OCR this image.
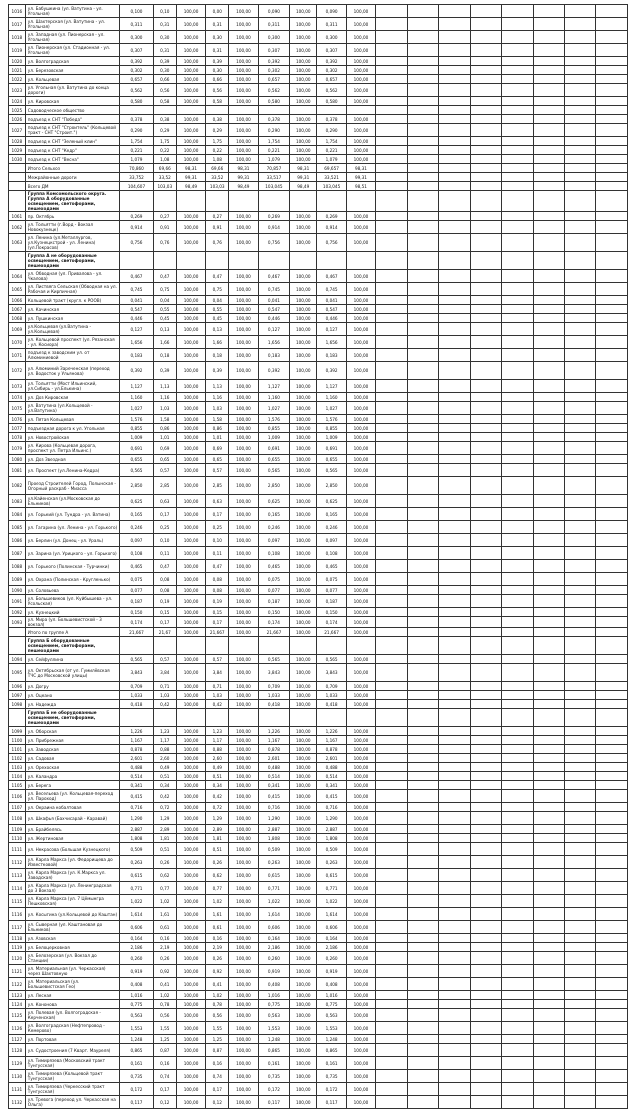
1016	ул. Бабушкина (ул. Ватутина - ул. Угольная)	0,100	0,10	100,00	0,00	100,00	0,090	100,00	0,090	100,00								
1017	ул. Шахтерская (ул. Ватутина - ул. Угольная)	0,311	0,31	100,00	0,31	100,00	0,311	100,00	0,311	100,00								
1018	ул. Западная (ул. Пионерская - ул. Угольная)	0,300	0,30	100,00	0,30	100,00	0,300	100,00	0,300	100,00								
1019	ул. Пионерская (ул. Стадионная - ул. Угольная)	0,307	0,31	100,00	0,31	100,00	0,307	100,00	0,307	100,00								
1020	ул. Волгоградская	0,392	0,39	100,00	0,39	100,00	0,392	100,00	0,392	100,00								
1021	ул. Березовская	0,302	0,30	100,00	0,30	100,00	0,302	100,00	0,302	100,00								
1022	ул. Кольцевая	0,657	0,66	100,00	0,66	100,00	0,657	100,00	0,657	100,00								
1023	ул. Угольная (ул. Ватутина до конца дороги)	0,562	0,56	100,00	0,56	100,00	0,562	100,00	0,562	100,00								
1024	ул. Кировская	0,580	0,58	100,00	0,58	100,00	0,580	100,00	0,580	100,00								
1025	Садоводческое общество																	
1026	подъезд к СНТ "Победа"	0,378	0,38	100,00	0,38	100,00	0,378	100,00	0,378	100,00								
1027	подъезд к СНТ "Строитель" (Кольцевой тракт - СНТ "Строит.")	0,290	0,29	100,00	0,29	100,00	0,290	100,00	0,290	100,00								
1028	подъезд к СНТ "Зеленый клин"	1,754	1,75	100,00	1,75	100,00	1,754	100,00	1,754	100,00								
1029	подъезд к СНТ "Кедр"	0,221	0,22	100,00	0,22	100,00	0,221	100,00	0,221	100,00								
1030	подъезд к СНТ "Весна"	1,079	1,08	100,00	1,08	100,00	1,079	100,00	1,079	100,00								
	Итого Сельхоз	70,860	69,66	98,31	69,66	98,31	70,857	98,31	69,657	98,31								
	Межрайонные дороги	33,752	33,52	99,31	33,52	99,31	33,517	99,31	33,521	99,31								
	Всего ДМ	104,607	103,03	98,49	103,03	98,49	103,045	98,49	103,045	98,51								
	Группа Комсомольского округа. Группа А оборудованные освещением, светофорами, пешеходами																	
1061	пр. Октябрь	0,269	0,27	100,00	0,27	100,00	0,269	100,00	0,269	100,00								
1062	ул. Тольятти (г.Ворд - Вокзал Новокузнецк)	0,914	0,91	100,00	0,91	100,00	0,914	100,00	0,914	100,00								
1063	ул. Ленина (ул.Металлургов, ул.Кузнецкстрой - ул. Ленина) (ул.Покрасов)	0,756	0,76	100,00	0,76	100,00	0,756	100,00	0,756	100,00								
	Группа А не оборудованные освещением, светофорами, пешеходами																	
1064	ул. Обводная (ул. Привалова - ул. Чкалова)	0,467	0,47	100,00	0,47	100,00	0,467	100,00	0,467	100,00								
1065	ул. Листвяга Сельская (Обводная на ул. Рабочая и Кирпичная)	0,745	0,75	100,00	0,75	100,00	0,745	100,00	0,745	100,00								
1066	Кольцевой тракт (кругл. к РООВ)	0,041	0,04	100,00	0,04	100,00	0,041	100,00	0,041	100,00								
1067	ул. Качинская	0,547	0,55	100,00	0,55	100,00	0,547	100,00	0,547	100,00								
1068	ул. Пушкинская	0,446	0,45	100,00	0,45	100,00	0,446	100,00	0,446	100,00								
1069	ул.Кольцевая (ул.Ватутина - ул.Кольцевая)	0,127	0,13	100,00	0,13	100,00	0,127	100,00	0,127	100,00								
1070	ул. Кольцевой проспект (ул. Рязанская - ул. Косиора)	1,656	1,66	100,00	1,66	100,00	1,656	100,00	1,656	100,00								
1071	подъезд к заводским ул. от Алюминиевой	0,183	0,18	100,00	0,18	100,00	0,183	100,00	0,183	100,00								
1072	ул. Алюминий Зареченская (переход ул. Водосток у Ульянова)	0,392	0,39	100,00	0,39	100,00	0,392	100,00	0,392	100,00								
1073	ул. Тольятти (Мост Ильинский, ул.Сибирь - ул.Елькина)	1,127	1,13	100,00	1,13	100,00	1,127	100,00	1,127	100,00								
1074	ул. Доз Кировская	1,160	1,16	100,00	1,16	100,00	1,160	100,00	1,160	100,00								
1075	ул. Ватутина (ул.Кольцевой - ул.Ватутина)	1,027	1,03	100,00	1,03	100,00	1,027	100,00	1,027	100,00								
1076	ул. Пятая Кольцевая	1,576	1,58	100,00	1,58	100,00	1,576	100,00	1,576	100,00								
1077	подъездная дорога к ул. Угольная	0,855	0,86	100,00	0,86	100,00	0,855	100,00	0,855	100,00								
1078	ул. Новостройская	1,009	1,01	100,00	1,01	100,00	1,009	100,00	1,009	100,00								
1079	ул. Кирова (Кольцевая дорога, проспект ул. Петра Ильинс.)	0,691	0,69	100,00	0,69	100,00	0,691	100,00	0,691	100,00								
1080	ул. Доз Звездная	0,655	0,65	100,00	0,65	100,00	0,655	100,00	0,655	100,00								
1081	ул. Проспект (ул.Ленина-Кедра)	0,565	0,57	100,00	0,57	100,00	0,565	100,00	0,565	100,00								
1082	Проезд Строителей Город, Полынская - Огорный раскраб - Миасса	2,850	2,85	100,00	2,85	100,00	2,850	100,00	2,850	100,00								
1083	ул.Кайенская (ул.Московская до Ельников)	0,625	0,63	100,00	0,63	100,00	0,625	100,00	0,625	100,00								
1084	ул. Горький (ул. Тундра - ул. Ватина)	0,165	0,17	100,00	0,17	100,00	0,165	100,00	0,165	100,00								
1085	ул. Гагарина (ул. Ленина - ул. Горького)	0,246	0,25	100,00	0,25	100,00	0,246	100,00	0,246	100,00								
1086	ул. Берлин (ул. Донец - ул. Ураль)	0,097	0,10	100,00	0,10	100,00	0,097	100,00	0,097	100,00								
1087	ул. Зарина (ул. Урицкого - ул. Горького)	0,108	0,11	100,00	0,11	100,00	0,108	100,00	0,108	100,00								
1088	ул. Горького (Полинская - Турчинки)	0,465	0,47	100,00	0,47	100,00	0,465	100,00	0,465	100,00								
1089	ул. Охрана (Полинская - Кругленько)	0,075	0,08	100,00	0,08	100,00	0,075	100,00	0,075	100,00								
1090	ул. Соловьева	0,077	0,08	100,00	0,08	100,00	0,077	100,00	0,077	100,00								
1091	ул. Большевиков (ул. Куйбышева - ул. Усольская)	0,187	0,19	100,00	0,19	100,00	0,187	100,00	0,187	100,00								
1092	ул. Кузнецкий	0,150	0,15	100,00	0,15	100,00	0,150	100,00	0,150	100,00								
1093	ул. Мира (ул. Большевистской - 3 вокзал)	0,174	0,17	100,00	0,17	100,00	0,174	100,00	0,174	100,00								
	Итого по группе А	21,667	21,67	100,00	21,667	100,00	21,667	100,00	21,667	100,00								
	Группа Б оборудованные освещением, светофорами, пешеходами																	
1094	ул. Сейфуллина	0,565	0,57	100,00	0,57	100,00	0,565	100,00	0,565	100,00								
1095	ул. Октябрьская (от ул. Гумилёвская ТЧС до Московской улицы)	3,843	3,84	100,00	3,84	100,00	3,843	100,00	3,843	100,00								
1096	ул. Догру	0,709	0,71	100,00	0,71	100,00	0,709	100,00	0,709	100,00								
1097	ул. Оцеано	1,033	1,03	100,00	1,03	100,00	1,033	100,00	1,033	100,00								
1098	ул. Надежда	0,418	0,42	100,00	0,42	100,00	0,418	100,00	0,418	100,00								
	Группа Б не оборудованные освещением, светофорами, пешеходами																	
1099	ул. Оборская	1,226	1,23	100,00	1,23	100,00	1,226	100,00	1,226	100,00								
1100	ул. Прибрежная	1,167	1,17	100,00	1,17	100,00	1,167	100,00	1,167	100,00								
1101	ул. Заводская	0,878	0,88	100,00	0,88	100,00	0,878	100,00	0,878	100,00								
1102	ул. Садовая	2,601	2,60	100,00	2,60	100,00	2,601	100,00	2,601	100,00								
1103	ул. Орехоская	0,488	0,49	100,00	0,49	100,00	0,488	100,00	0,488	100,00								
1104	ул. Каландра	0,514	0,51	100,00	0,51	100,00	0,514	100,00	0,514	100,00								
1105	ул. Берега	0,341	0,34	100,00	0,34	100,00	0,341	100,00	0,341	100,00								
1106	ул. Весельева (ул. Кольцевая-переход ул. Пароход)	0,415	0,42	100,00	0,42	100,00	0,415	100,00	0,415	100,00								
1107	ул. Окраина кобалтовая	0,716	0,72	100,00	0,72	100,00	0,716	100,00	0,716	100,00								
1108	ул. Шкафья (Бахчисарай - Каравай)	1,290	1,29	100,00	1,29	100,00	1,290	100,00	1,290	100,00								
1109	ул. Брайбелясь	2,887	2,89	100,00	2,89	100,00	2,887	100,00	2,887	100,00								
1110	ул. Жертиновая	1,808	1,81	100,00	1,81	100,00	1,808	100,00	1,808	100,00								
1111	ул. Некрасова (Большая Кузнецкого)	0,509	0,51	100,00	0,51	100,00	0,509	100,00	0,509	100,00								
1112	ул. Карла Маркса (ул. Федорищева до Известковой)	0,263	0,26	100,00	0,26	100,00	0,263	100,00	0,263	100,00								
1113	ул. Карла Маркса (ул. К.Маркса ул. Заводская)	0,615	0,62	100,00	0,62	100,00	0,615	100,00	0,615	100,00								
1114	ул. Карла Маркса (ул. Ленинградская до 3 Вокзал)	0,771	0,77	100,00	0,77	100,00	0,771	100,00	0,771	100,00								
1115	ул. Карла Маркса (ул. 7 Цёмынгра Пешковская)	1,022	1,02	100,00	1,02	100,00	1,022	100,00	1,022	100,00								
1116	ул. Косыгина (ул.Кольцевой до Каштан)	1,614	1,61	100,00	1,61	100,00	1,614	100,00	1,614	100,00								
1117	ул. Сыверная (ул. Каштановая до Ельников)	0,606	0,61	100,00	0,61	100,00	0,606	100,00	0,606	100,00								
1118	ул. Азовская	0,164	0,16	100,00	0,16	100,00	0,164	100,00	0,164	100,00								
1119	ул. Белоцерковная	2,186	2,19	100,00	2,19	100,00	2,186	100,00	2,186	100,00								
1120	ул. Белозерская (ул. Вокзал до Станции)	0,260	0,26	100,00	0,26	100,00	0,260	100,00	0,260	100,00								
1121	ул. Материальная (ул. Черкасская) через Шахтовную	0,919	0,92	100,00	0,92	100,00	0,919	100,00	0,919	100,00								
1122	ул. Материальская (ул. Большевистская Гео)	0,408	0,41	100,00	0,41	100,00	0,408	100,00	0,408	100,00								
1123	ул. Лесная	1,016	1,02	100,00	1,02	100,00	1,016	100,00	1,016	100,00								
1124	ул. Кононова	0,775	0,78	100,00	0,78	100,00	0,775	100,00	0,775	100,00								
1125	ул. Полевая (ул. Волгоградская - Керченская)	0,563	0,56	100,00	0,56	100,00	0,563	100,00	0,563	100,00								
1126	ул. Волгоградская (Нефтепровод - Кемерово)	1,553	1,55	100,00	1,55	100,00	1,553	100,00	1,553	100,00								
1127	ул. Портовая	1,248	1,25	100,00	1,25	100,00	1,248	100,00	1,248	100,00								
1128	ул. Судостроения (7 Кварт. Мауреля)	0,865	0,87	100,00	0,87	100,00	0,865	100,00	0,865	100,00								
1129	ул. Тимирязева (Московский тракт Тунгусская)	0,161	0,16	100,00	0,16	100,00	0,161	100,00	0,161	100,00								
1130	ул. Тимирязева (Кольцевой тракт Тунгусская)	0,735	0,74	100,00	0,74	100,00	0,735	100,00	0,735	100,00								
1131	ул. Тимирязева (Черкесский тракт Тунгусская)	0,172	0,17	100,00	0,17	100,00	0,172	100,00	0,172	100,00								
1132	ул. Тревога (переход ул. Черкасская на Ольга)	0,117	0,12	100,00	0,12	100,00	0,117	100,00	0,117	100,00								
